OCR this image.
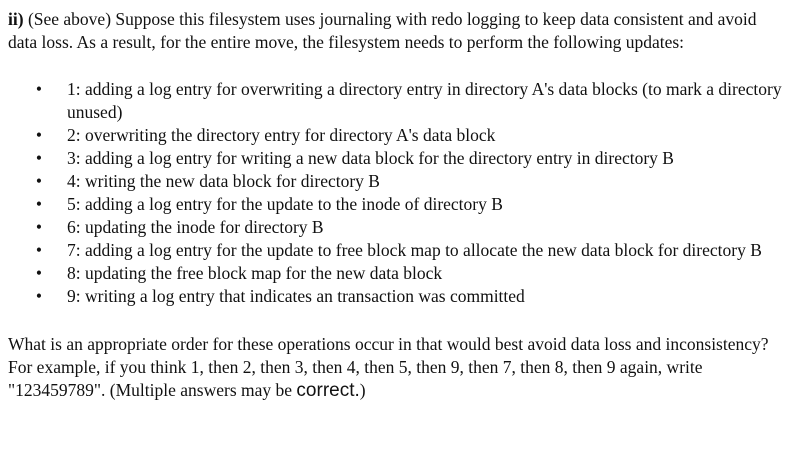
ii) (See above) Suppose this filesystem uses journaling with redo logging to keep data consistent and avoid data loss. As a result, for the entire move, the filesystem needs to perform the following updates:

• 1: adding a log entry for overwriting a directory entry in directory A's data blocks (to mark a directory unused)
• 2: overwriting the directory entry for directory A's data block
• 3: adding a log entry for writing a new data block for the directory entry in directory B
• 4: writing the new data block for directory B
• 5: adding a log entry for the update to the inode of directory B
• 6: updating the inode for directory B
• 7: adding a log entry for the update to free block map to allocate the new data block for directory B
• 8: updating the free block map for the new data block
• 9: writing a log entry that indicates an transaction was committed

What is an appropriate order for these operations occur in that would best avoid data loss and inconsistency? For example, if you think 1, then 2, then 3, then 4, then 5, then 9, then 7, then 8, then 9 again, write "123459789". (Multiple answers may be correct.)
